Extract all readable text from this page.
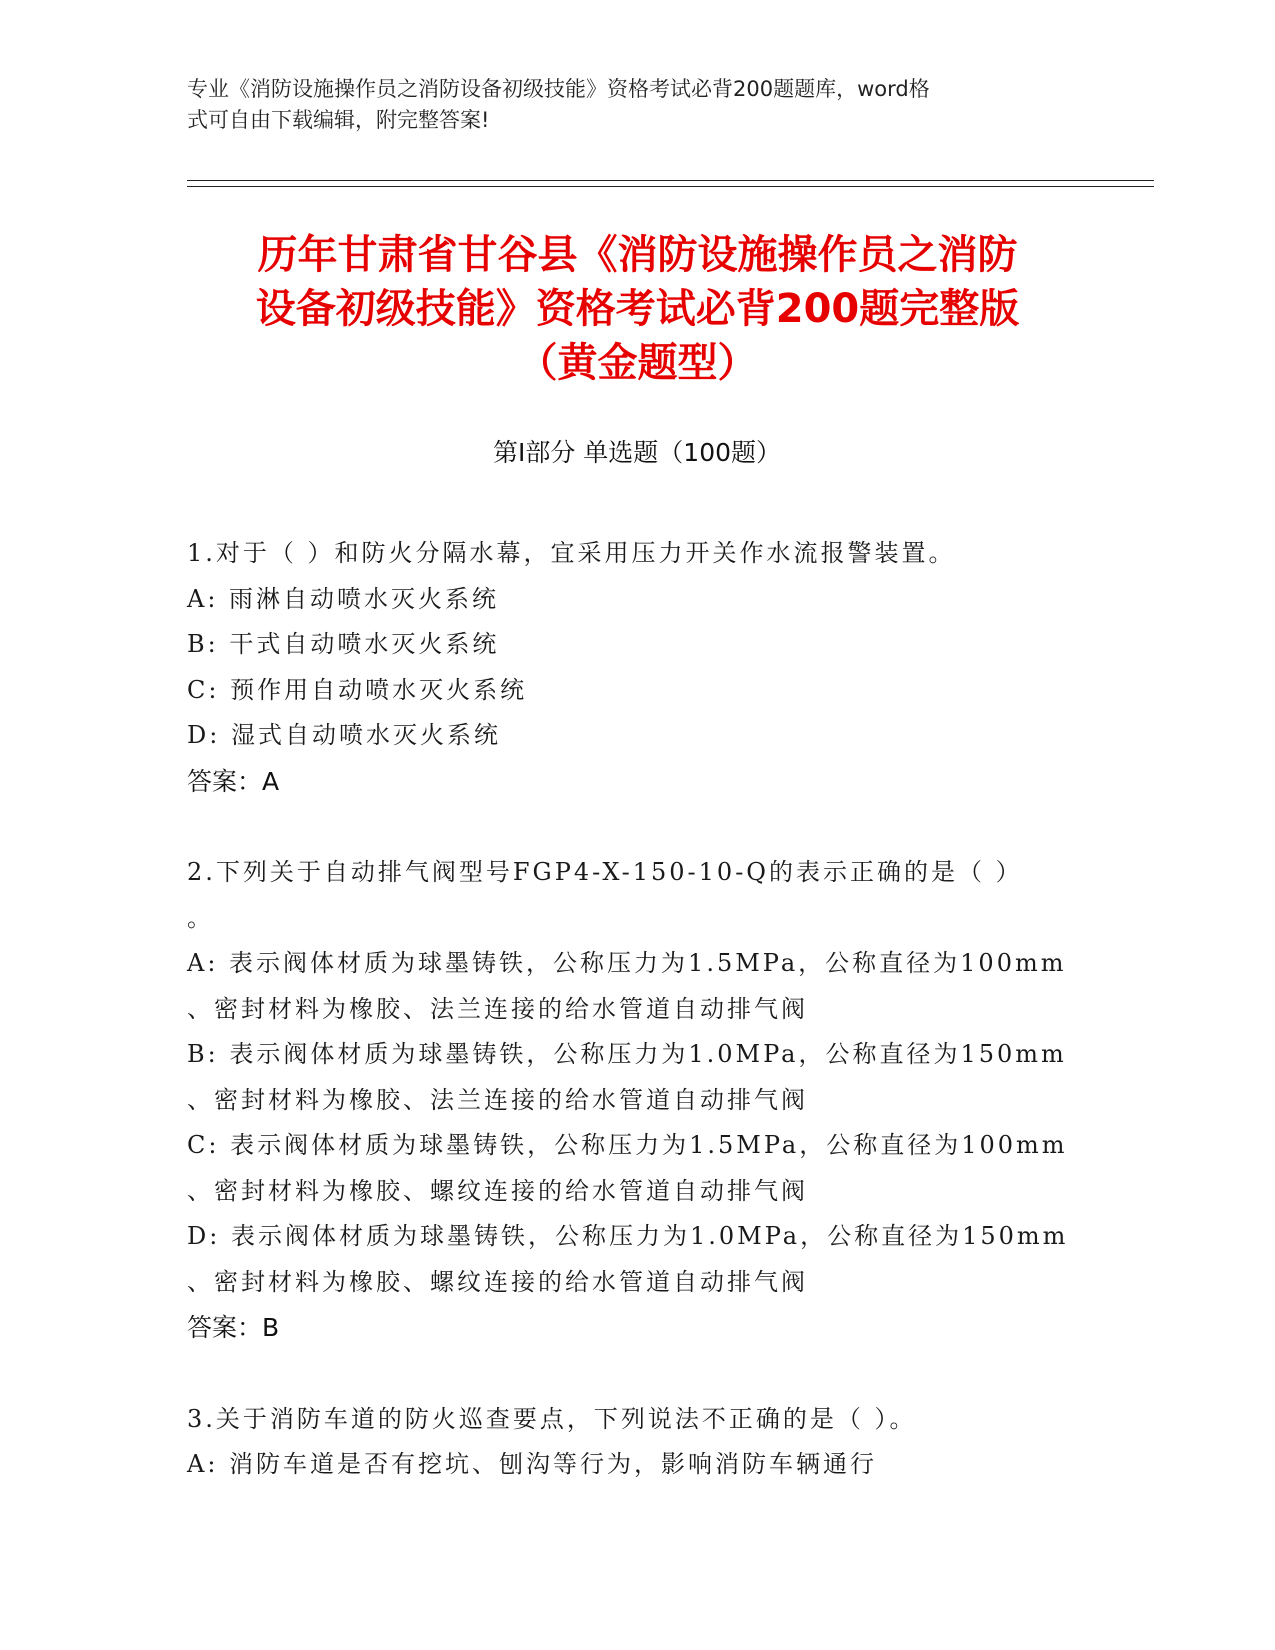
专业《消防设施操作员之消防设备初级技能》资格考试必背200题题库，word格
式可自由下载编辑，附完整答案!
历年甘肃省甘谷县《消防设施操作员之消防
设备初级技能》资格考试必背200题完整版
（黄金题型）
第I部分 单选题（100题）
1.对于（ ）和防火分隔水幕，宜采用压力开关作水流报警装置。
A: 雨淋自动喷水灭火系统
B: 干式自动喷水灭火系统
C: 预作用自动喷水灭火系统
D: 湿式自动喷水灭火系统
答案：A
2.下列关于自动排气阀型号FGP4-X-150-10-Q的表示正确的是（ ）
。
A: 表示阀体材质为球墨铸铁，公称压力为1.5MPa，公称直径为100mm
、密封材料为橡胶、法兰连接的给水管道自动排气阀
B: 表示阀体材质为球墨铸铁，公称压力为1.0MPa，公称直径为150mm
、密封材料为橡胶、法兰连接的给水管道自动排气阀
C: 表示阀体材质为球墨铸铁，公称压力为1.5MPa，公称直径为100mm
、密封材料为橡胶、螺纹连接的给水管道自动排气阀
D: 表示阀体材质为球墨铸铁，公称压力为1.0MPa，公称直径为150mm
、密封材料为橡胶、螺纹连接的给水管道自动排气阀
答案：B
3.关于消防车道的防火巡查要点，下列说法不正确的是（ ）。
A: 消防车道是否有挖坑、刨沟等行为，影响消防车辆通行
